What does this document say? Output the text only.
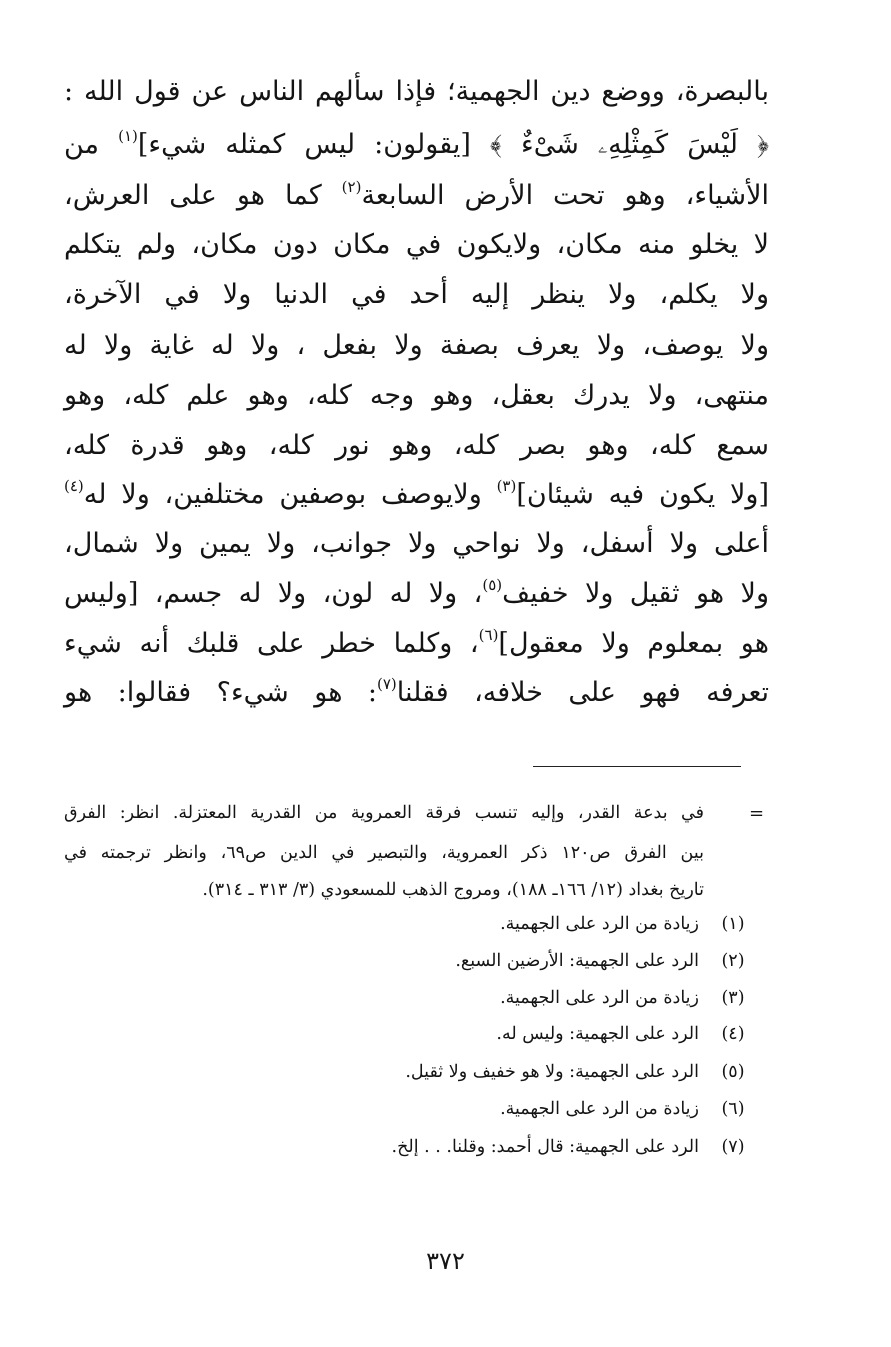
بالبصرة، ووضع دين الجهمية؛ فإذا سألهم الناس عن قول الله :
﴿ لَيْسَ كَمِثْلِهِۦ شَىْءٌ ﴾ [يقولون: ليس كمثله شيء]$^{(١)}$ من
الأشياء، وهو تحت الأرض السابعة$^{(٢)}$ كما هو على العرش،
لا يخلو منه مكان، ولايكون في مكان دون مكان، ولم يتكلم
ولا يكلم، ولا ينظر إليه أحد في الدنيا ولا في الآخرة،
ولا يوصف، ولا يعرف بصفة ولا بفعل ، ولا له غاية ولا له
منتهى، ولا يدرك بعقل، وهو وجه كله، وهو علم كله، وهو
سمع كله، وهو بصر كله، وهو نور كله، وهو قدرة كله،
[ولا يكون فيه شيئان]$^{(٣)}$ ولايوصف بوصفين مختلفين، ولا له$^{(٤)}$
أعلى ولا أسفل، ولا نواحي ولا جوانب، ولا يمين ولا شمال،
ولا هو ثقيل ولا خفيف$^{(٥)}$، ولا له لون، ولا له جسم، [وليس
هو بمعلوم ولا معقول]$^{(٦)}$، وكلما خطر على قلبك أنه شيء
تعرفه فهو على خلافه، فقلنا$^{(٧)}$: هو شيء؟ فقالوا: هو
=
في بدعة القدر، وإليه تنسب فرقة العمروية من القدرية المعتزلة. انظر: الفرق
بين الفرق ص١٢٠ ذكر العمروية، والتبصير في الدين ص٦٩، وانظر ترجمته في
تاريخ بغداد (١٢/ ١٦٦ـ ١٨٨)، ومروج الذهب للمسعودي (٣/ ٣١٣ ـ ٣١٤).
(١)
زيادة من الرد على الجهمية.
(٢)
الرد على الجهمية: الأرضين السبع.
(٣)
زيادة من الرد على الجهمية.
(٤)
الرد على الجهمية: وليس له.
(٥)
الرد على الجهمية: ولا هو خفيف ولا ثقيل.
(٦)
زيادة من الرد على الجهمية.
(٧)
الرد على الجهمية: قال أحمد: وقلنا. . . إلخ.
٣٧٢
